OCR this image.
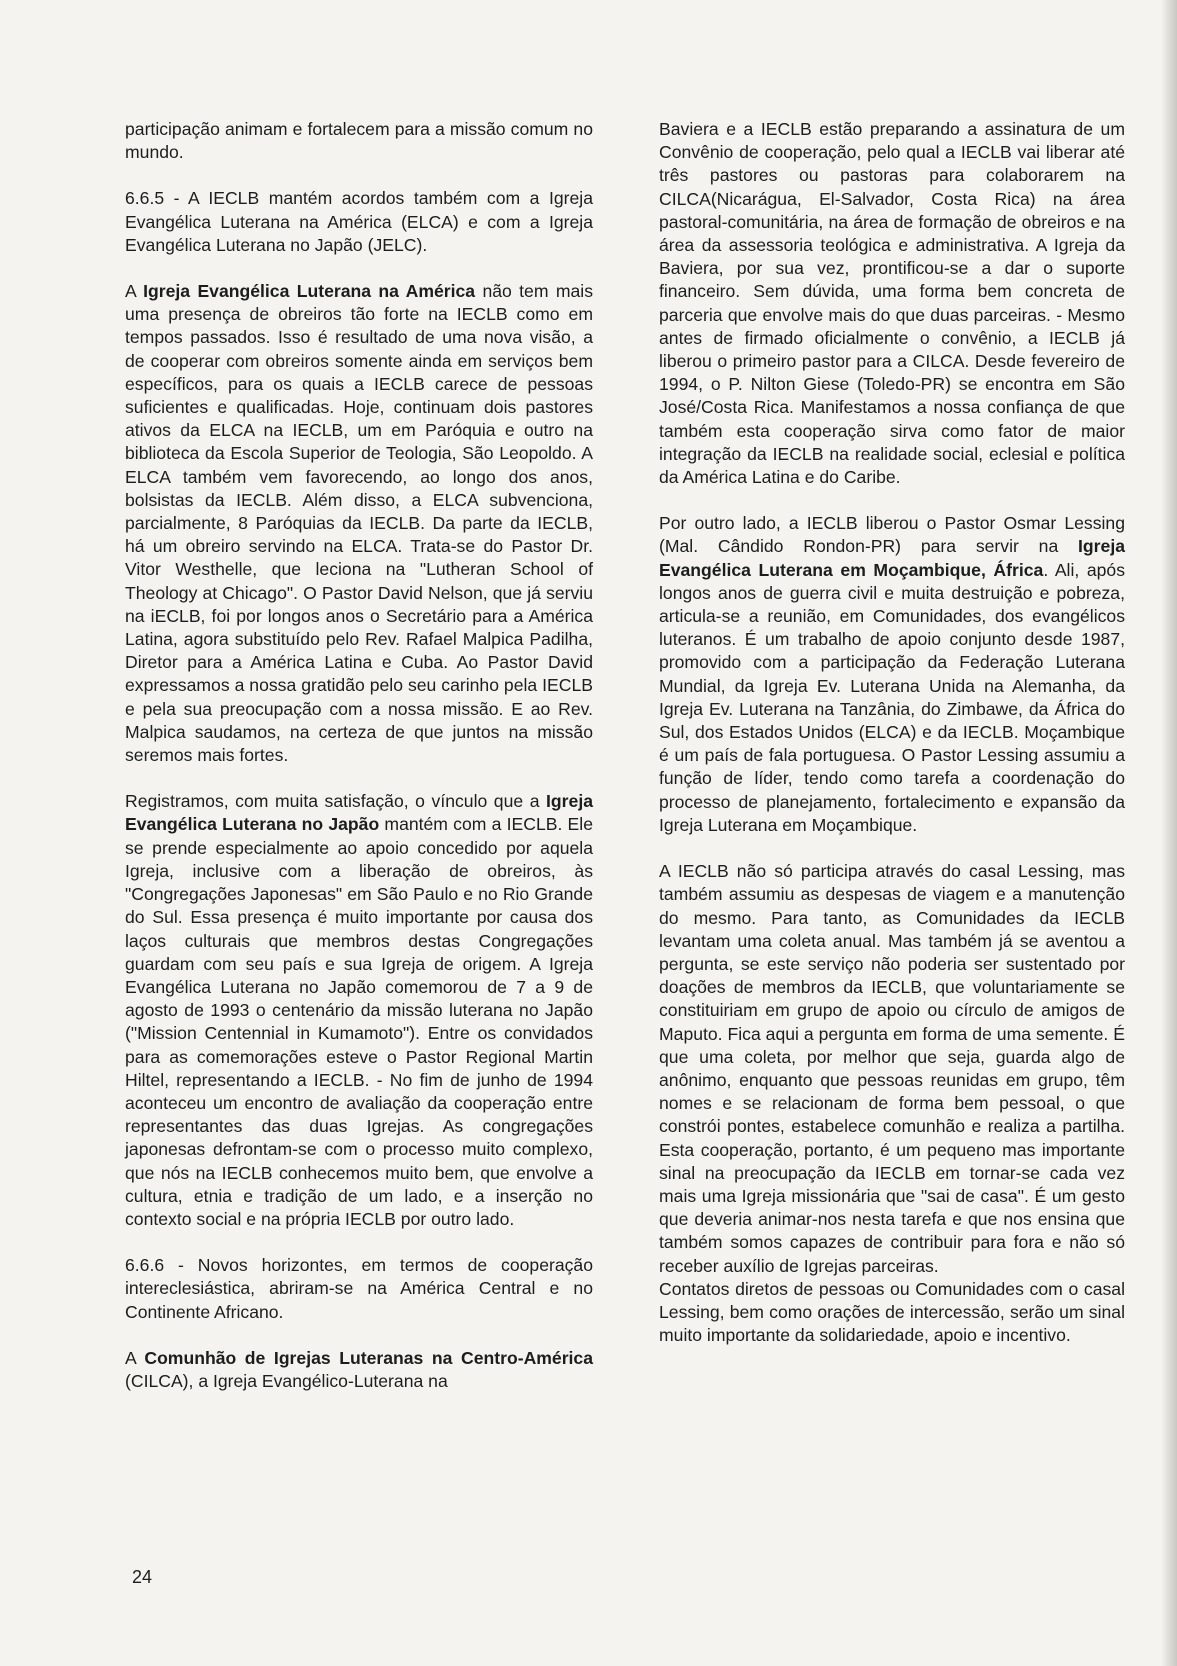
participação animam e fortalecem para a missão comum no mundo.

6.6.5 - A IECLB mantém acordos também com a Igreja Evangélica Luterana na América (ELCA) e com a Igreja Evangélica Luterana no Japão (JELC).

A Igreja Evangélica Luterana na América não tem mais uma presença de obreiros tão forte na IECLB como em tempos passados. Isso é resultado de uma nova visão, a de cooperar com obreiros somente ainda em serviços bem específicos, para os quais a IECLB carece de pessoas suficientes e qualificadas. Hoje, continuam dois pastores ativos da ELCA na IECLB, um em Paróquia e outro na biblioteca da Escola Superior de Teologia, São Leopoldo. A ELCA também vem favorecendo, ao longo dos anos, bolsistas da IECLB. Além disso, a ELCA subvenciona, parcialmente, 8 Paróquias da IECLB. Da parte da IECLB, há um obreiro servindo na ELCA. Trata-se do Pastor Dr. Vitor Westhelle, que leciona na "Lutheran School of Theology at Chicago". O Pastor David Nelson, que já serviu na iECLB, foi por longos anos o Secretário para a América Latina, agora substituído pelo Rev. Rafael Malpica Padilha, Diretor para a América Latina e Cuba. Ao Pastor David expressamos a nossa gratidão pelo seu carinho pela IECLB e pela sua preocupação com a nossa missão. E ao Rev. Malpica saudamos, na certeza de que juntos na missão seremos mais fortes.

Registramos, com muita satisfação, o vínculo que a Igreja Evangélica Luterana no Japão mantém com a IECLB. Ele se prende especialmente ao apoio concedido por aquela Igreja, inclusive com a liberação de obreiros, às "Congregações Japonesas" em São Paulo e no Rio Grande do Sul. Essa presença é muito importante por causa dos laços culturais que membros destas Congregações guardam com seu país e sua Igreja de origem. A Igreja Evangélica Luterana no Japão comemorou de 7 a 9 de agosto de 1993 o centenário da missão luterana no Japão ("Mission Centennial in Kumamoto"). Entre os convidados para as comemorações esteve o Pastor Regional Martin Hiltel, representando a IECLB. - No fim de junho de 1994 aconteceu um encontro de avaliação da cooperação entre representantes das duas Igrejas. As congregações japonesas defrontam-se com o processo muito complexo, que nós na IECLB conhecemos muito bem, que envolve a cultura, etnia e tradição de um lado, e a inserção no contexto social e na própria IECLB por outro lado.

6.6.6 - Novos horizontes, em termos de cooperação intereclesiástica, abriram-se na América Central e no Continente Africano.

A Comunhão de Igrejas Luteranas na Centro-América (CILCA), a Igreja Evangélico-Luterana na

Baviera e a IECLB estão preparando a assinatura de um Convênio de cooperação, pelo qual a IECLB vai liberar até três pastores ou pastoras para colaborarem na CILCA(Nicarágua, El-Salvador, Costa Rica) na área pastoral-comunitária, na área de formação de obreiros e na área da assessoria teológica e administrativa. A Igreja da Baviera, por sua vez, prontificou-se a dar o suporte financeiro. Sem dúvida, uma forma bem concreta de parceria que envolve mais do que duas parceiras. - Mesmo antes de firmado oficialmente o convênio, a IECLB já liberou o primeiro pastor para a CILCA. Desde fevereiro de 1994, o P. Nilton Giese (Toledo-PR) se encontra em São José/Costa Rica. Manifestamos a nossa confiança de que também esta cooperação sirva como fator de maior integração da IECLB na realidade social, eclesial e política da América Latina e do Caribe.

Por outro lado, a IECLB liberou o Pastor Osmar Lessing (Mal. Cândido Rondon-PR) para servir na Igreja Evangélica Luterana em Moçambique, África. Ali, após longos anos de guerra civil e muita destruição e pobreza, articula-se a reunião, em Comunidades, dos evangélicos luteranos. É um trabalho de apoio conjunto desde 1987, promovido com a participação da Federação Luterana Mundial, da Igreja Ev. Luterana Unida na Alemanha, da Igreja Ev. Luterana na Tanzânia, do Zimbawe, da África do Sul, dos Estados Unidos (ELCA) e da IECLB. Moçambique é um país de fala portuguesa. O Pastor Lessing assumiu a função de líder, tendo como tarefa a coordenação do processo de planejamento, fortalecimento e expansão da Igreja Luterana em Moçambique.

A IECLB não só participa através do casal Lessing, mas também assumiu as despesas de viagem e a manutenção do mesmo. Para tanto, as Comunidades da IECLB levantam uma coleta anual. Mas também já se aventou a pergunta, se este serviço não poderia ser sustentado por doações de membros da IECLB, que voluntariamente se constituiriam em grupo de apoio ou círculo de amigos de Maputo. Fica aqui a pergunta em forma de uma semente. É que uma coleta, por melhor que seja, guarda algo de anônimo, enquanto que pessoas reunidas em grupo, têm nomes e se relacionam de forma bem pessoal, o que constrói pontes, estabelece comunhão e realiza a partilha. Esta cooperação, portanto, é um pequeno mas importante sinal na preocupação da IECLB em tornar-se cada vez mais uma Igreja missionária que "sai de casa". É um gesto que deveria animar-nos nesta tarefa e que nos ensina que também somos capazes de contribuir para fora e não só receber auxílio de Igrejas parceiras.

Contatos diretos de pessoas ou Comunidades com o casal Lessing, bem como orações de intercessão, serão um sinal muito importante da solidariedade, apoio e incentivo.

24
